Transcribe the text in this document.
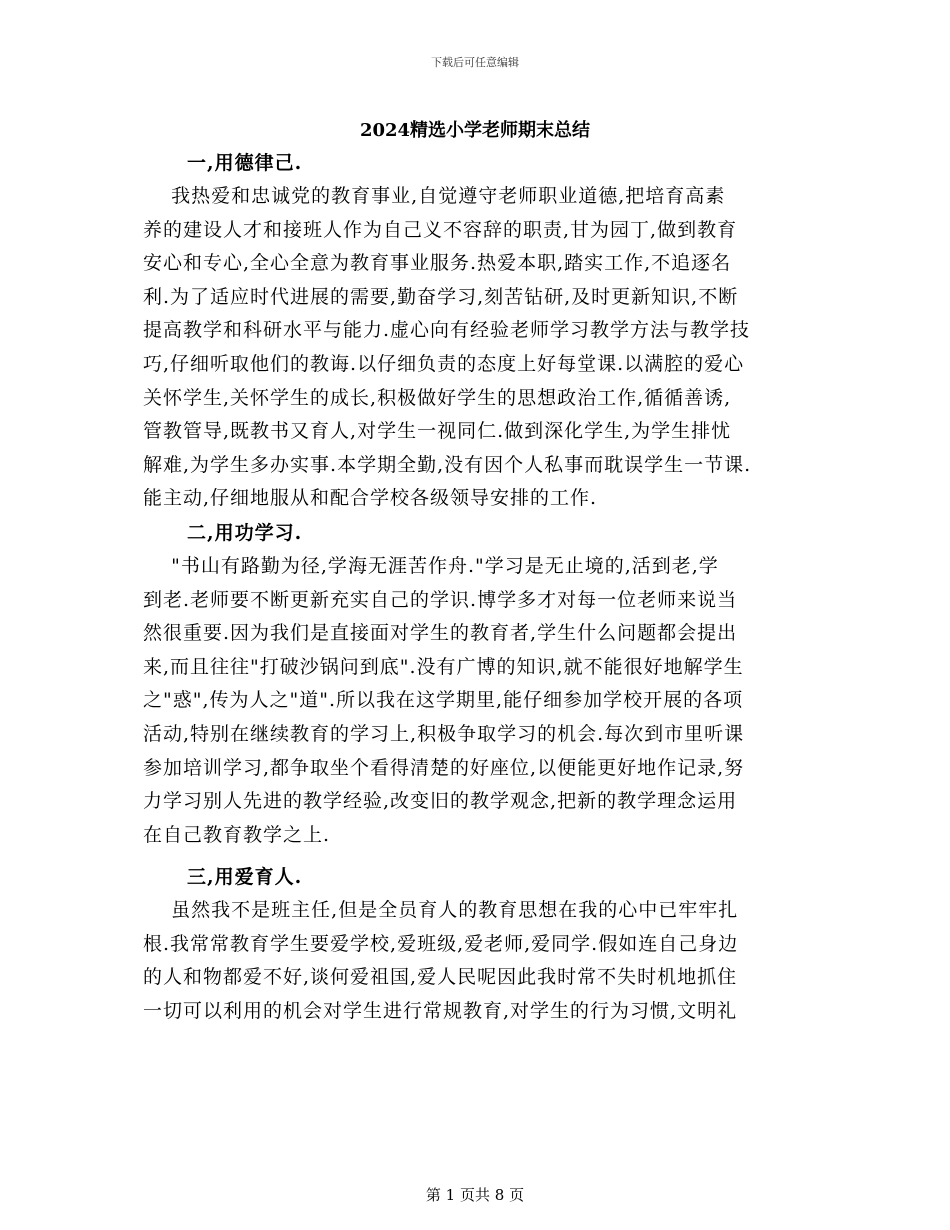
下载后可任意编辑
2024精选小学老师期末总结
一,用德律己.
我热爱和忠诚党的教育事业,自觉遵守老师职业道德,把培育高素
养的建设人才和接班人作为自己义不容辞的职责,甘为园丁,做到教育
安心和专心,全心全意为教育事业服务.热爱本职,踏实工作,不追逐名
利.为了适应时代进展的需要,勤奋学习,刻苦钻研,及时更新知识,不断
提高教学和科研水平与能力.虚心向有经验老师学习教学方法与教学技
巧,仔细听取他们的教诲.以仔细负责的态度上好每堂课.以满腔的爱心
关怀学生,关怀学生的成长,积极做好学生的思想政治工作,循循善诱,
管教管导,既教书又育人,对学生一视同仁.做到深化学生,为学生排忧
解难,为学生多办实事.本学期全勤,没有因个人私事而耽误学生一节课.
能主动,仔细地服从和配合学校各级领导安排的工作.
二,用功学习.
"书山有路勤为径,学海无涯苦作舟."学习是无止境的,活到老,学
到老.老师要不断更新充实自己的学识.博学多才对每一位老师来说当
然很重要.因为我们是直接面对学生的教育者,学生什么问题都会提出
来,而且往往"打破沙锅问到底".没有广博的知识,就不能很好地解学生
之"惑",传为人之"道".所以我在这学期里,能仔细参加学校开展的各项
活动,特别在继续教育的学习上,积极争取学习的机会.每次到市里听课
参加培训学习,都争取坐个看得清楚的好座位,以便能更好地作记录,努
力学习别人先进的教学经验,改变旧的教学观念,把新的教学理念运用
在自己教育教学之上.
三,用爱育人.
虽然我不是班主任,但是全员育人的教育思想在我的心中已牢牢扎
根.我常常教育学生要爱学校,爱班级,爱老师,爱同学.假如连自己身边
的人和物都爱不好,谈何爱祖国,爱人民呢因此我时常不失时机地抓住
一切可以利用的机会对学生进行常规教育,对学生的行为习惯,文明礼
第 1 页共 8 页
